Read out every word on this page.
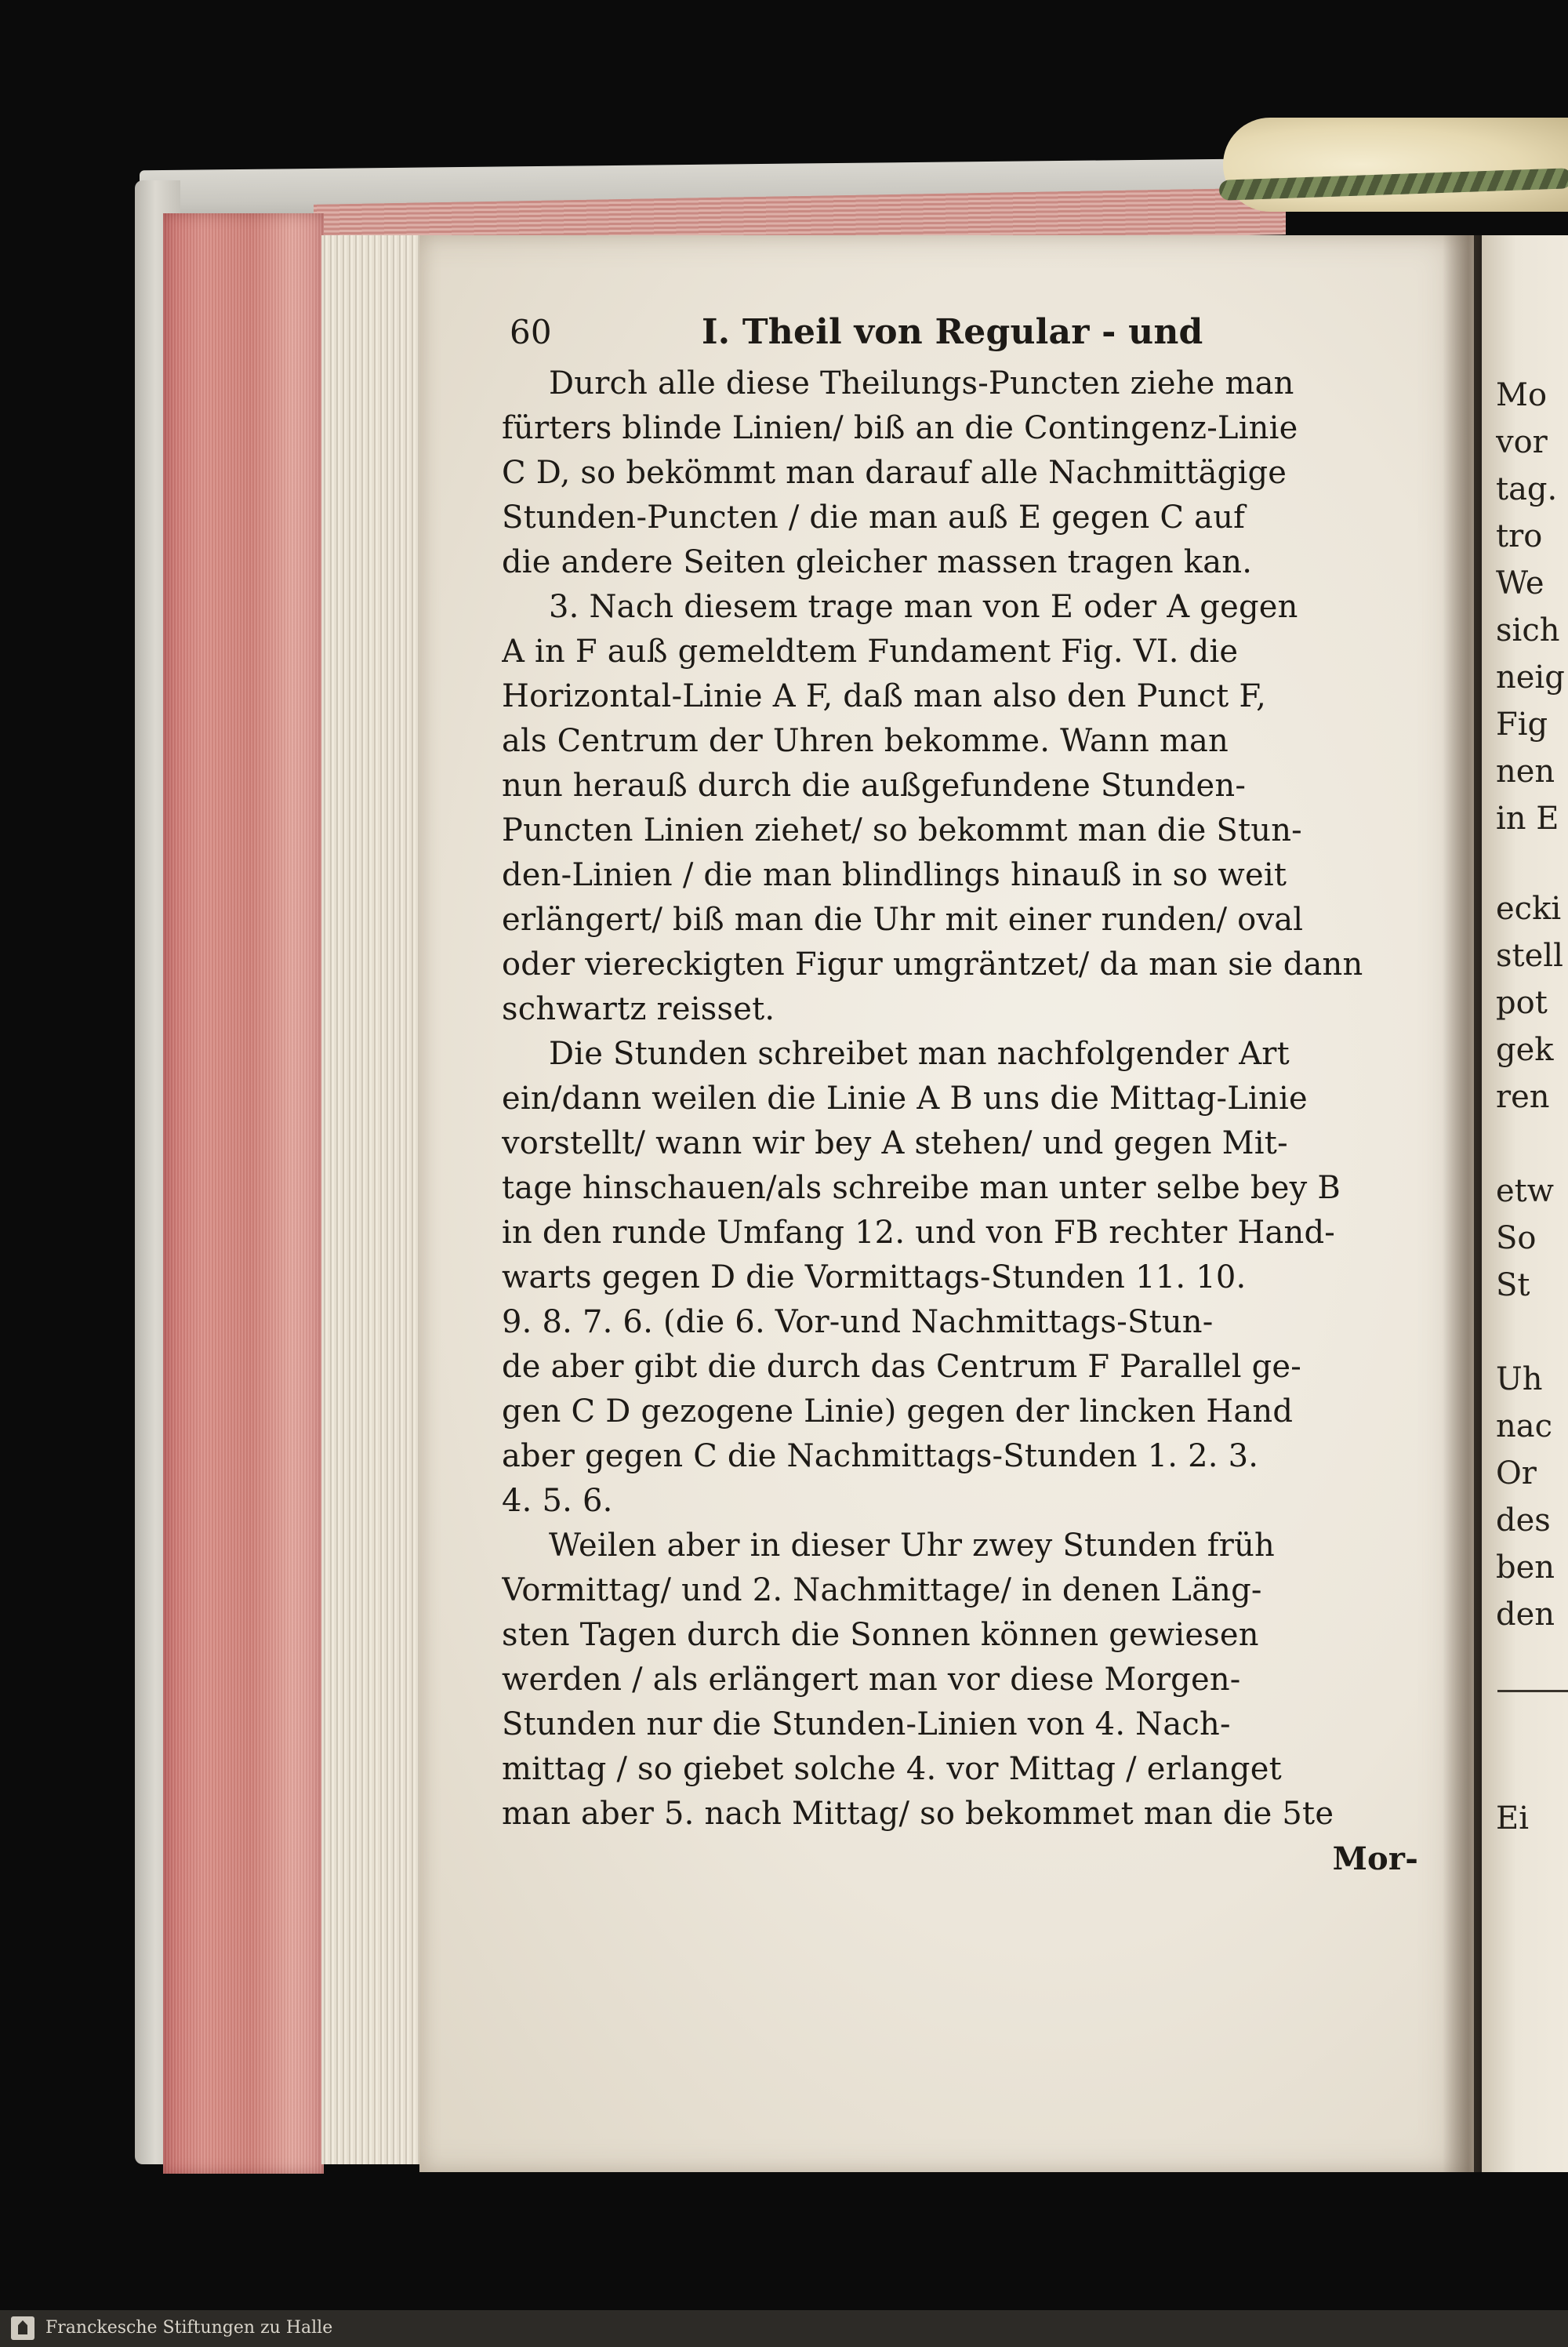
60	I. Theil von Regular - und
Durch alle diese Theilungs-Puncten ziehe man
fürters blinde Linien/ biß an die Contingenz-Linie
C D, so bekömmt man darauf alle Nachmittägige
Stunden-Puncten / die man auß E gegen C auf
die andere Seiten gleicher massen tragen kan.
3. Nach diesem trage man von E oder A gegen
A in F auß gemeldtem Fundament Fig. VI. die
Horizontal-Linie A F, daß man also den Punct F,
als Centrum der Uhren bekomme. Wann man
nun herauß durch die außgefundene Stunden-
Puncten Linien ziehet/ so bekommt man die Stun-
den-Linien / die man blindlings hinauß in so weit
erlängert/ biß man die Uhr mit einer runden/ oval
oder viereckigten Figur umgräntzet/ da man sie dann
schwartz reisset.
Die Stunden schreibet man nachfolgender Art
ein/dann weilen die Linie A B uns die Mittag-Linie
vorstellt/ wann wir bey A stehen/ und gegen Mit-
tage hinschauen/als schreibe man unter selbe bey B
in den runde Umfang 12. und von FB rechter Hand-
warts gegen D die Vormittags-Stunden 11. 10.
9. 8. 7. 6. (die 6. Vor-und Nachmittags-Stun-
de aber gibt die durch das Centrum F Parallel ge-
gen C D gezogene Linie) gegen der lincken Hand
aber gegen C die Nachmittags-Stunden 1. 2. 3.
4. 5. 6.
Weilen aber in dieser Uhr zwey Stunden früh
Vormittag/ und 2. Nachmittage/ in denen Läng-
sten Tagen durch die Sonnen können gewiesen
werden / als erlängert man vor diese Morgen-
Stunden nur die Stunden-Linien von 4. Nach-
mittag / so giebet solche 4. vor Mittag / erlanget
man aber 5. nach Mittag/ so bekommet man die 5te
Mor-
Mo
vor
tag.
tro
We
sich
neig
Fig
nen
in E
ecki
stell
pot
gek
ren
etw
So
St
Uh
nac
Or
des
ben
den
Ei
Franckesche Stiftungen zu Halle
